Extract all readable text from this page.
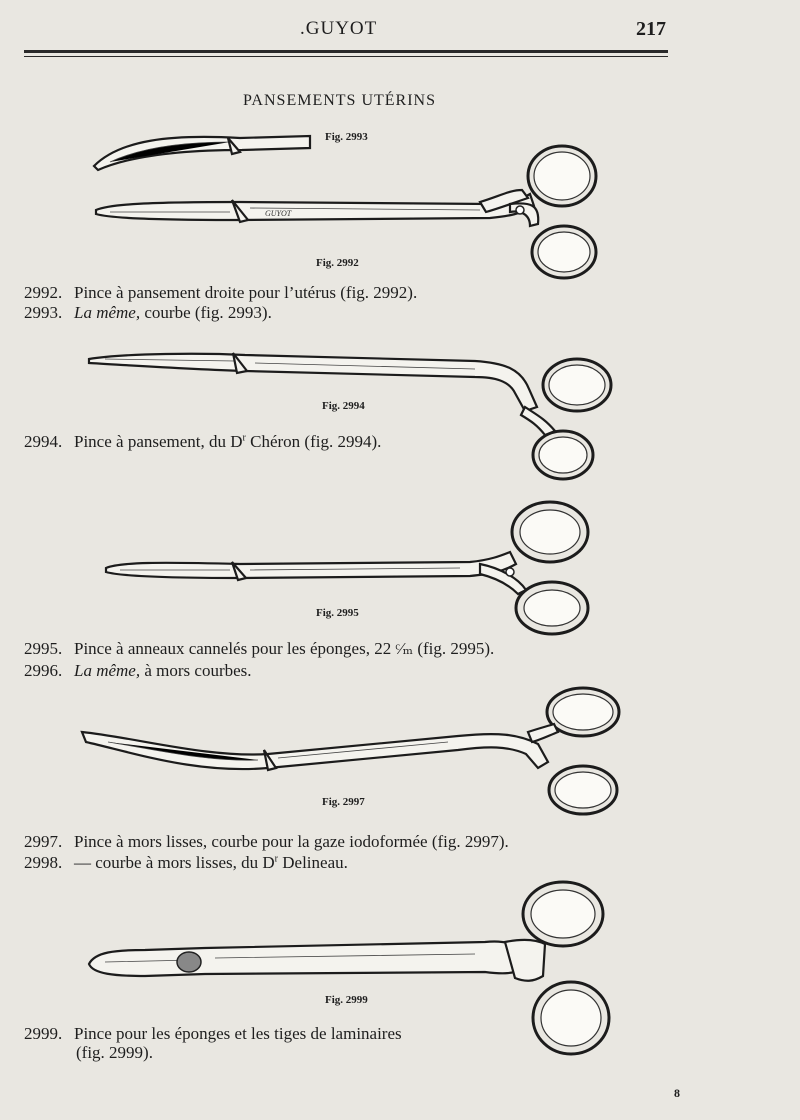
.GUYOT	217
PANSEMENTS UTÉRINS
Fig. 2993
GUYOT
Fig. 2992
2992. Pince à pansement droite pour l’utérus (fig. 2992).
2993. La même, courbe (fig. 2993).
Fig. 2994
2994. Pince à pansement, du $D^r$ Chéron (fig. 2994).
Fig. 2995
2995. Pince à anneaux cannelés pour les éponges, 22 ᶜ⁄ₘ (fig. 2995).
2996. La même, à mors courbes.
Fig. 2997
2997. Pince à mors lisses, courbe pour la gaze iodoformée (fig. 2997).
2998. — courbe à mors lisses, du $D^r$ Delineau.
Fig. 2999
2999. Pince pour les éponges et les tiges de laminaires
(fig. 2999).
8
